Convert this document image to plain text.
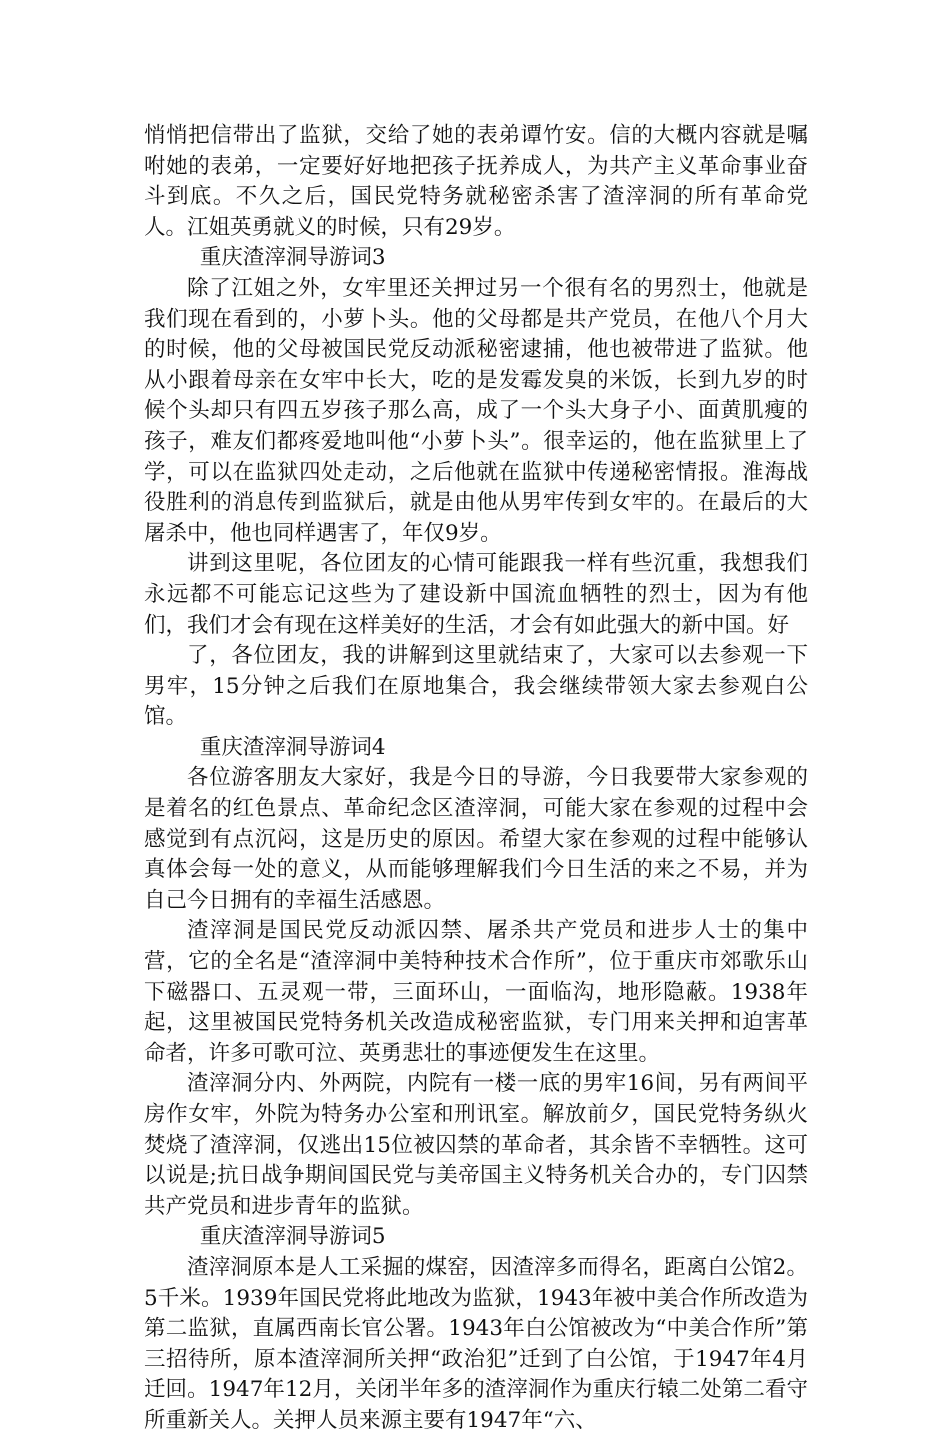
悄悄把信带出了监狱，交给了她的表弟谭竹安。信的大概内容就是嘱咐她的表弟，一定要好好地把孩子抚养成人，为共产主义革命事业奋斗到底。不久之后，国民党特务就秘密杀害了渣滓洞的所有革命党人。江姐英勇就义的时候，只有29岁。

重庆渣滓洞导游词3

除了江姐之外，女牢里还关押过另一个很有名的男烈士，他就是我们现在看到的，小萝卜头。他的父母都是共产党员，在他八个月大的时候，他的父母被国民党反动派秘密逮捕，他也被带进了监狱。他从小跟着母亲在女牢中长大，吃的是发霉发臭的米饭，长到九岁的时候个头却只有四五岁孩子那么高，成了一个头大身子小、面黄肌瘦的孩子，难友们都疼爱地叫他“小萝卜头”。很幸运的，他在监狱里上了学，可以在监狱四处走动，之后他就在监狱中传递秘密情报。淮海战役胜利的消息传到监狱后，就是由他从男牢传到女牢的。在最后的大屠杀中，他也同样遇害了，年仅9岁。

讲到这里呢，各位团友的心情可能跟我一样有些沉重，我想我们永远都不可能忘记这些为了建设新中国流血牺牲的烈士，因为有他们，我们才会有现在这样美好的生活，才会有如此强大的新中国。好

了，各位团友，我的讲解到这里就结束了，大家可以去参观一下男牢，15分钟之后我们在原地集合，我会继续带领大家去参观白公馆。

重庆渣滓洞导游词4

各位游客朋友大家好，我是今日的导游，今日我要带大家参观的是着名的红色景点、革命纪念区渣滓洞，可能大家在参观的过程中会感觉到有点沉闷，这是历史的原因。希望大家在参观的过程中能够认真体会每一处的意义，从而能够理解我们今日生活的来之不易，并为自己今日拥有的幸福生活感恩。

渣滓洞是国民党反动派囚禁、屠杀共产党员和进步人士的集中营，它的全名是“渣滓洞中美特种技术合作所”，位于重庆市郊歌乐山下磁器口、五灵观一带，三面环山，一面临沟，地形隐蔽。1938年起，这里被国民党特务机关改造成秘密监狱，专门用来关押和迫害革命者，许多可歌可泣、英勇悲壮的事迹便发生在这里。

渣滓洞分内、外两院，内院有一楼一底的男牢16间，另有两间平房作女牢，外院为特务办公室和刑讯室。解放前夕，国民党特务纵火焚烧了渣滓洞，仅逃出15位被囚禁的革命者，其余皆不幸牺牲。这可以说是;抗日战争期间国民党与美帝国主义特务机关合办的，专门囚禁共产党员和进步青年的监狱。

重庆渣滓洞导游词5

渣滓洞原本是人工采掘的煤窑，因渣滓多而得名，距离白公馆2。5千米。1939年国民党将此地改为监狱，1943年被中美合作所改造为第二监狱，直属西南长官公署。1943年白公馆被改为“中美合作所”第三招待所，原本渣滓洞所关押“政治犯”迁到了白公馆，于1947年4月迁回。1947年12月，关闭半年多的渣滓洞作为重庆行辕二处第二看守所重新关人。关押人员来源主要有1947年“六、
